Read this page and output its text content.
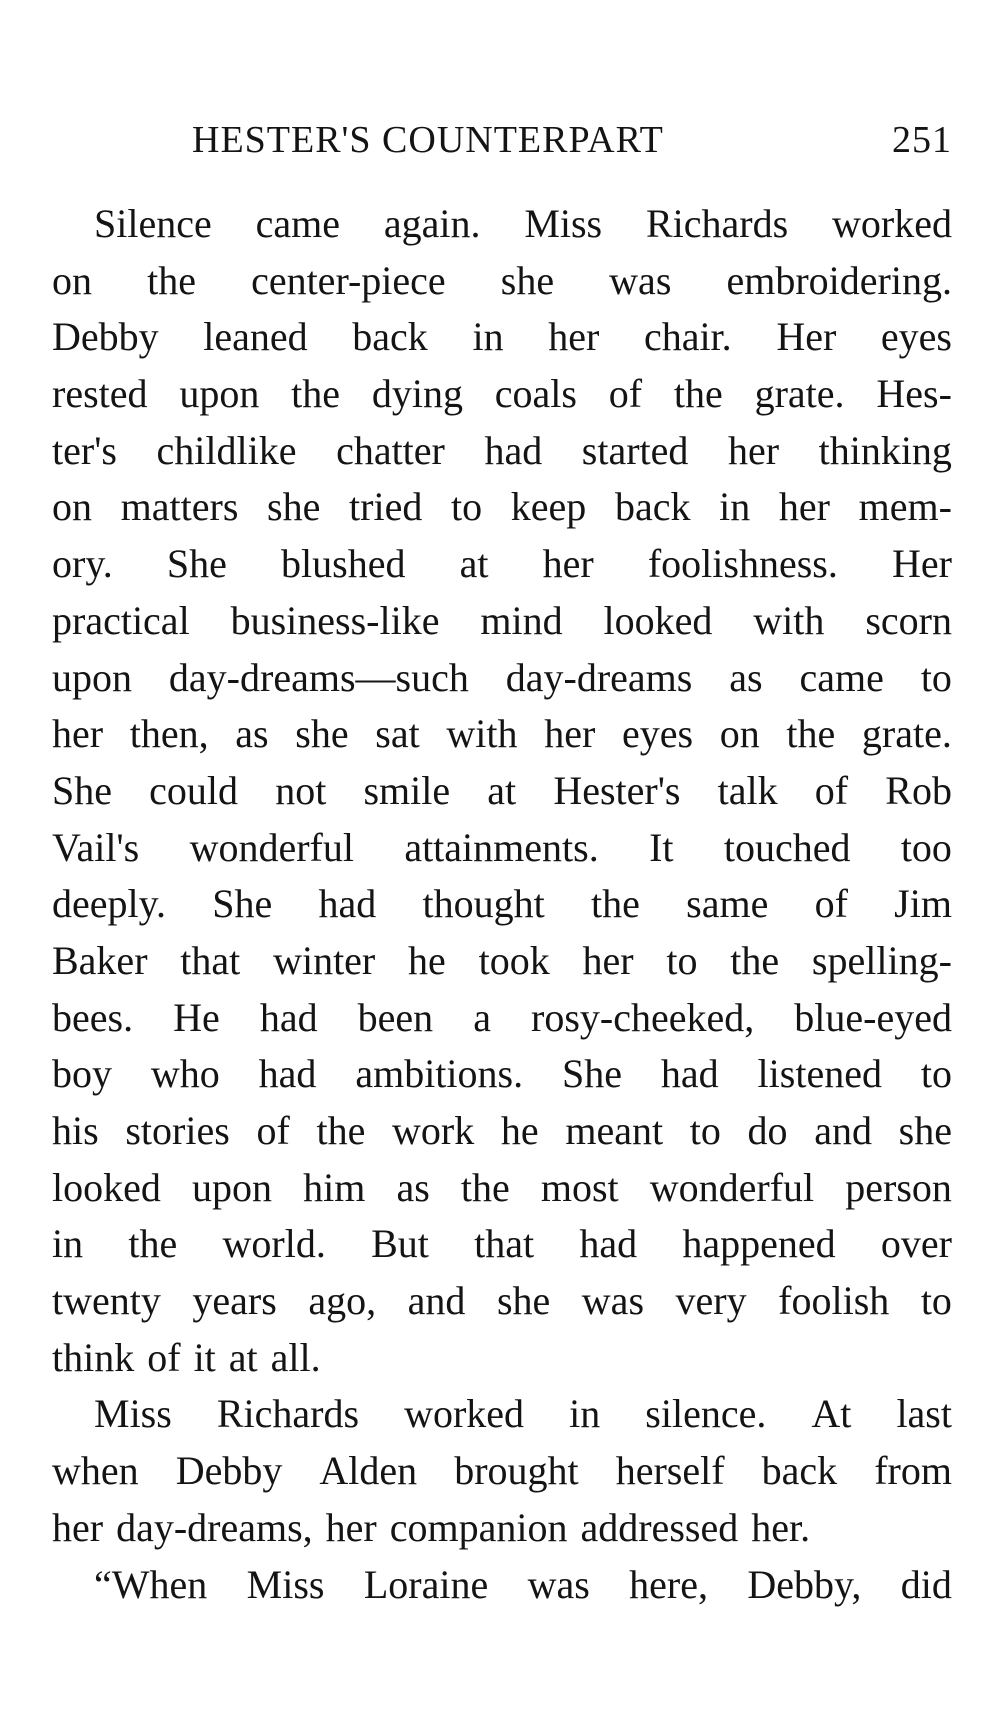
HESTER'S COUNTERPART	251
Silence came again. Miss Richards worked
on the center-piece she was embroidering.
Debby leaned back in her chair. Her eyes
rested upon the dying coals of the grate. Hes-
ter's childlike chatter had started her thinking
on matters she tried to keep back in her mem-
ory. She blushed at her foolishness. Her
practical business-like mind looked with scorn
upon day-dreams—such day-dreams as came to
her then, as she sat with her eyes on the grate.
She could not smile at Hester's talk of Rob
Vail's wonderful attainments. It touched too
deeply. She had thought the same of Jim
Baker that winter he took her to the spelling-
bees. He had been a rosy-cheeked, blue-eyed
boy who had ambitions. She had listened to
his stories of the work he meant to do and she
looked upon him as the most wonderful person
in the world. But that had happened over
twenty years ago, and she was very foolish to
think of it at all.
Miss Richards worked in silence. At last
when Debby Alden brought herself back from
her day-dreams, her companion addressed her.
“When Miss Loraine was here, Debby, did
